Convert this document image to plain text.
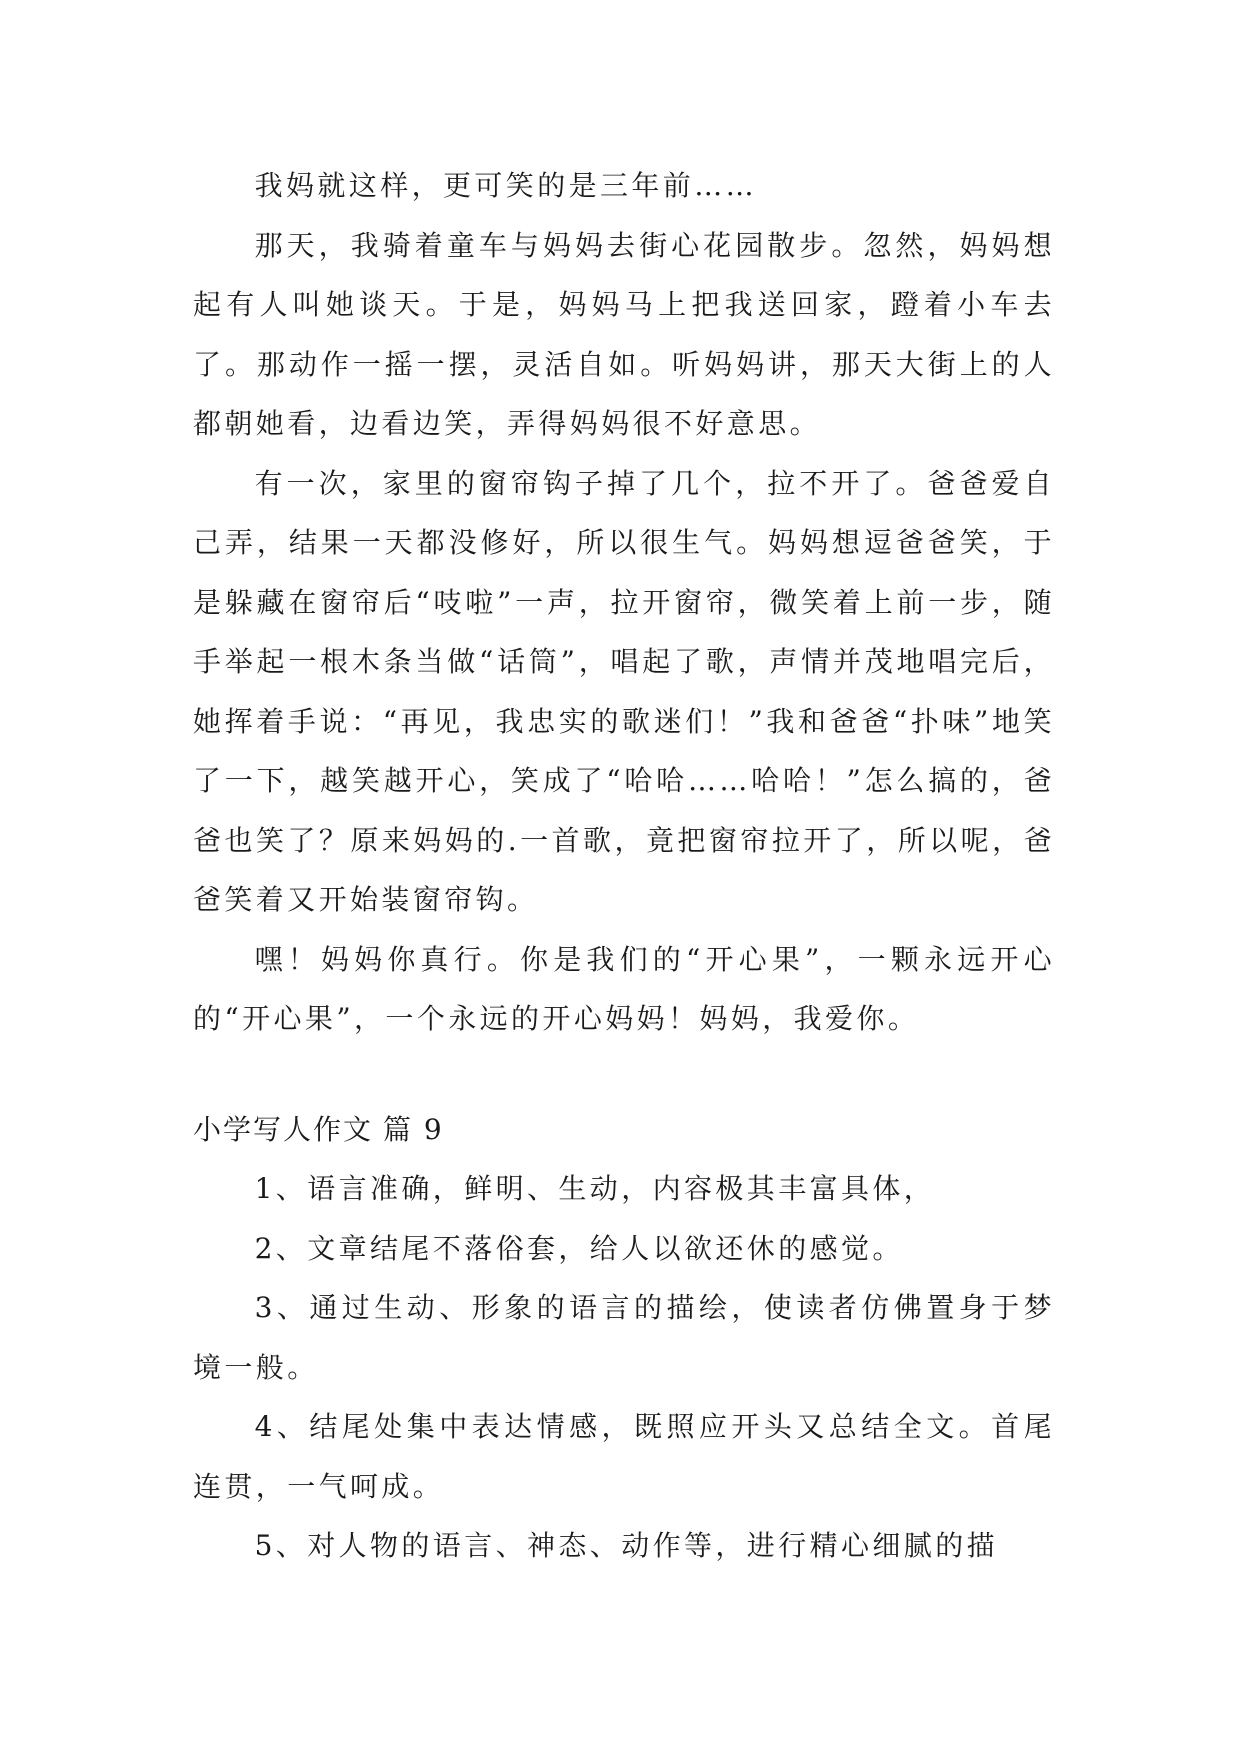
我妈就这样，更可笑的是三年前……

那天，我骑着童车与妈妈去街心花园散步。忽然，妈妈想起有人叫她谈天。于是，妈妈马上把我送回家，蹬着小车去了。那动作一摇一摆，灵活自如。听妈妈讲，那天大街上的人都朝她看，边看边笑，弄得妈妈很不好意思。

有一次，家里的窗帘钩子掉了几个，拉不开了。爸爸爱自己弄，结果一天都没修好，所以很生气。妈妈想逗爸爸笑，于是躲藏在窗帘后“吱啦”一声，拉开窗帘，微笑着上前一步，随手举起一根木条当做“话筒”，唱起了歌，声情并茂地唱完后，她挥着手说：“再见，我忠实的歌迷们！”我和爸爸“扑味”地笑了一下，越笑越开心，笑成了“哈哈……哈哈！”怎么搞的，爸爸也笑了？原来妈妈的.一首歌，竟把窗帘拉开了，所以呢，爸爸笑着又开始装窗帘钩。

嘿！妈妈你真行。你是我们的“开心果”，一颗永远开心的“开心果”，一个永远的开心妈妈！妈妈，我爱你。

小学写人作文 篇 9

1、语言准确，鲜明、生动，内容极其丰富具体，

2、文章结尾不落俗套，给人以欲还休的感觉。

3、通过生动、形象的语言的描绘，使读者仿佛置身于梦境一般。

4、结尾处集中表达情感，既照应开头又总结全文。首尾连贯，一气呵成。

5、对人物的语言、神态、动作等，进行精心细腻的描
